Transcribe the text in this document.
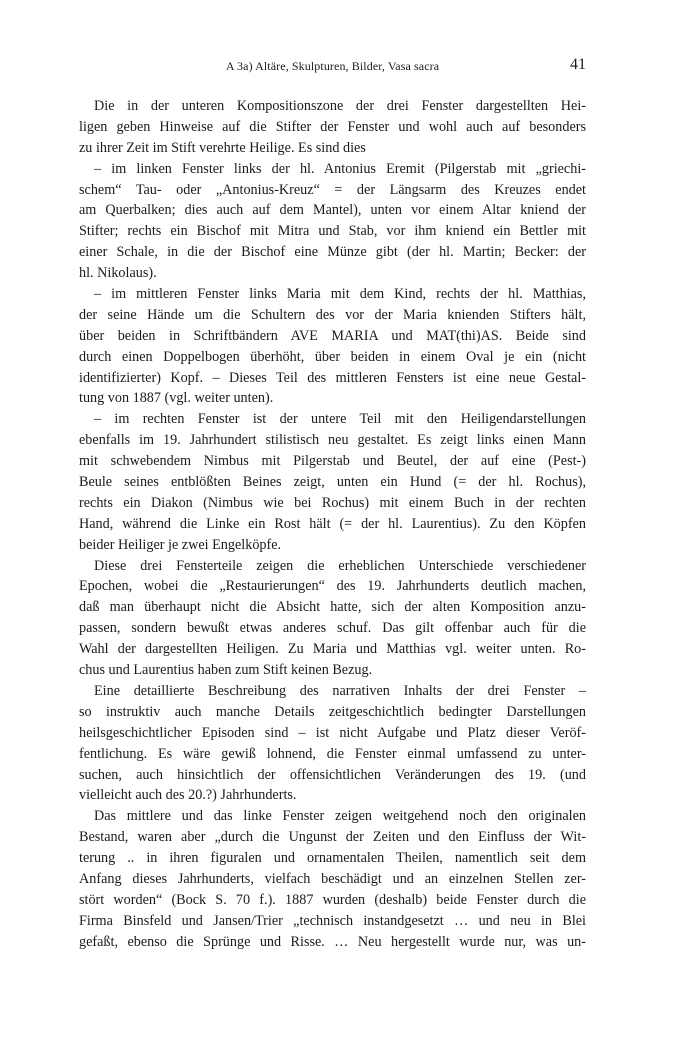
A 3a) Altäre, Skulpturen, Bilder, Vasa sacra	41
Die in der unteren Kompositionszone der drei Fenster dargestellten Hei-
ligen geben Hinweise auf die Stifter der Fenster und wohl auch auf besonders
zu ihrer Zeit im Stift verehrte Heilige. Es sind dies
– im linken Fenster links der hl. Antonius Eremit (Pilgerstab mit „griechi-
schem“ Tau- oder „Antonius-Kreuz“ = der Längsarm des Kreuzes endet
am Querbalken; dies auch auf dem Mantel), unten vor einem Altar kniend der
Stifter; rechts ein Bischof mit Mitra und Stab, vor ihm kniend ein Bettler mit
einer Schale, in die der Bischof eine Münze gibt (der hl. Martin; Becker: der
hl. Nikolaus).
– im mittleren Fenster links Maria mit dem Kind, rechts der hl. Matthias,
der seine Hände um die Schultern des vor der Maria knienden Stifters hält,
über beiden in Schriftbändern AVE MARIA und MAT(thi)AS. Beide sind
durch einen Doppelbogen überhöht, über beiden in einem Oval je ein (nicht
identifizierter) Kopf. – Dieses Teil des mittleren Fensters ist eine neue Gestal-
tung von 1887 (vgl. weiter unten).
– im rechten Fenster ist der untere Teil mit den Heiligendarstellungen
ebenfalls im 19. Jahrhundert stilistisch neu gestaltet. Es zeigt links einen Mann
mit schwebendem Nimbus mit Pilgerstab und Beutel, der auf eine (Pest-)
Beule seines entblößten Beines zeigt, unten ein Hund (= der hl. Rochus),
rechts ein Diakon (Nimbus wie bei Rochus) mit einem Buch in der rechten
Hand, während die Linke ein Rost hält (= der hl. Laurentius). Zu den Köpfen
beider Heiliger je zwei Engelköpfe.
Diese drei Fensterteile zeigen die erheblichen Unterschiede verschiedener
Epochen, wobei die „Restaurierungen“ des 19. Jahrhunderts deutlich machen,
daß man überhaupt nicht die Absicht hatte, sich der alten Komposition anzu-
passen, sondern bewußt etwas anderes schuf. Das gilt offenbar auch für die
Wahl der dargestellten Heiligen. Zu Maria und Matthias vgl. weiter unten. Ro-
chus und Laurentius haben zum Stift keinen Bezug.
Eine detaillierte Beschreibung des narrativen Inhalts der drei Fenster –
so instruktiv auch manche Details zeitgeschichtlich bedingter Darstellungen
heilsgeschichtlicher Episoden sind – ist nicht Aufgabe und Platz dieser Veröf-
fentlichung. Es wäre gewiß lohnend, die Fenster einmal umfassend zu unter-
suchen, auch hinsichtlich der offensichtlichen Veränderungen des 19. (und
vielleicht auch des 20.?) Jahrhunderts.
Das mittlere und das linke Fenster zeigen weitgehend noch den originalen
Bestand, waren aber „durch die Ungunst der Zeiten und den Einfluss der Wit-
terung .. in ihren figuralen und ornamentalen Theilen, namentlich seit dem
Anfang dieses Jahrhunderts, vielfach beschädigt und an einzelnen Stellen zer-
stört worden“ (Bock S. 70 f.). 1887 wurden (deshalb) beide Fenster durch die
Firma Binsfeld und Jansen/Trier „technisch instandgesetzt … und neu in Blei
gefaßt, ebenso die Sprünge und Risse. … Neu hergestellt wurde nur, was un-
